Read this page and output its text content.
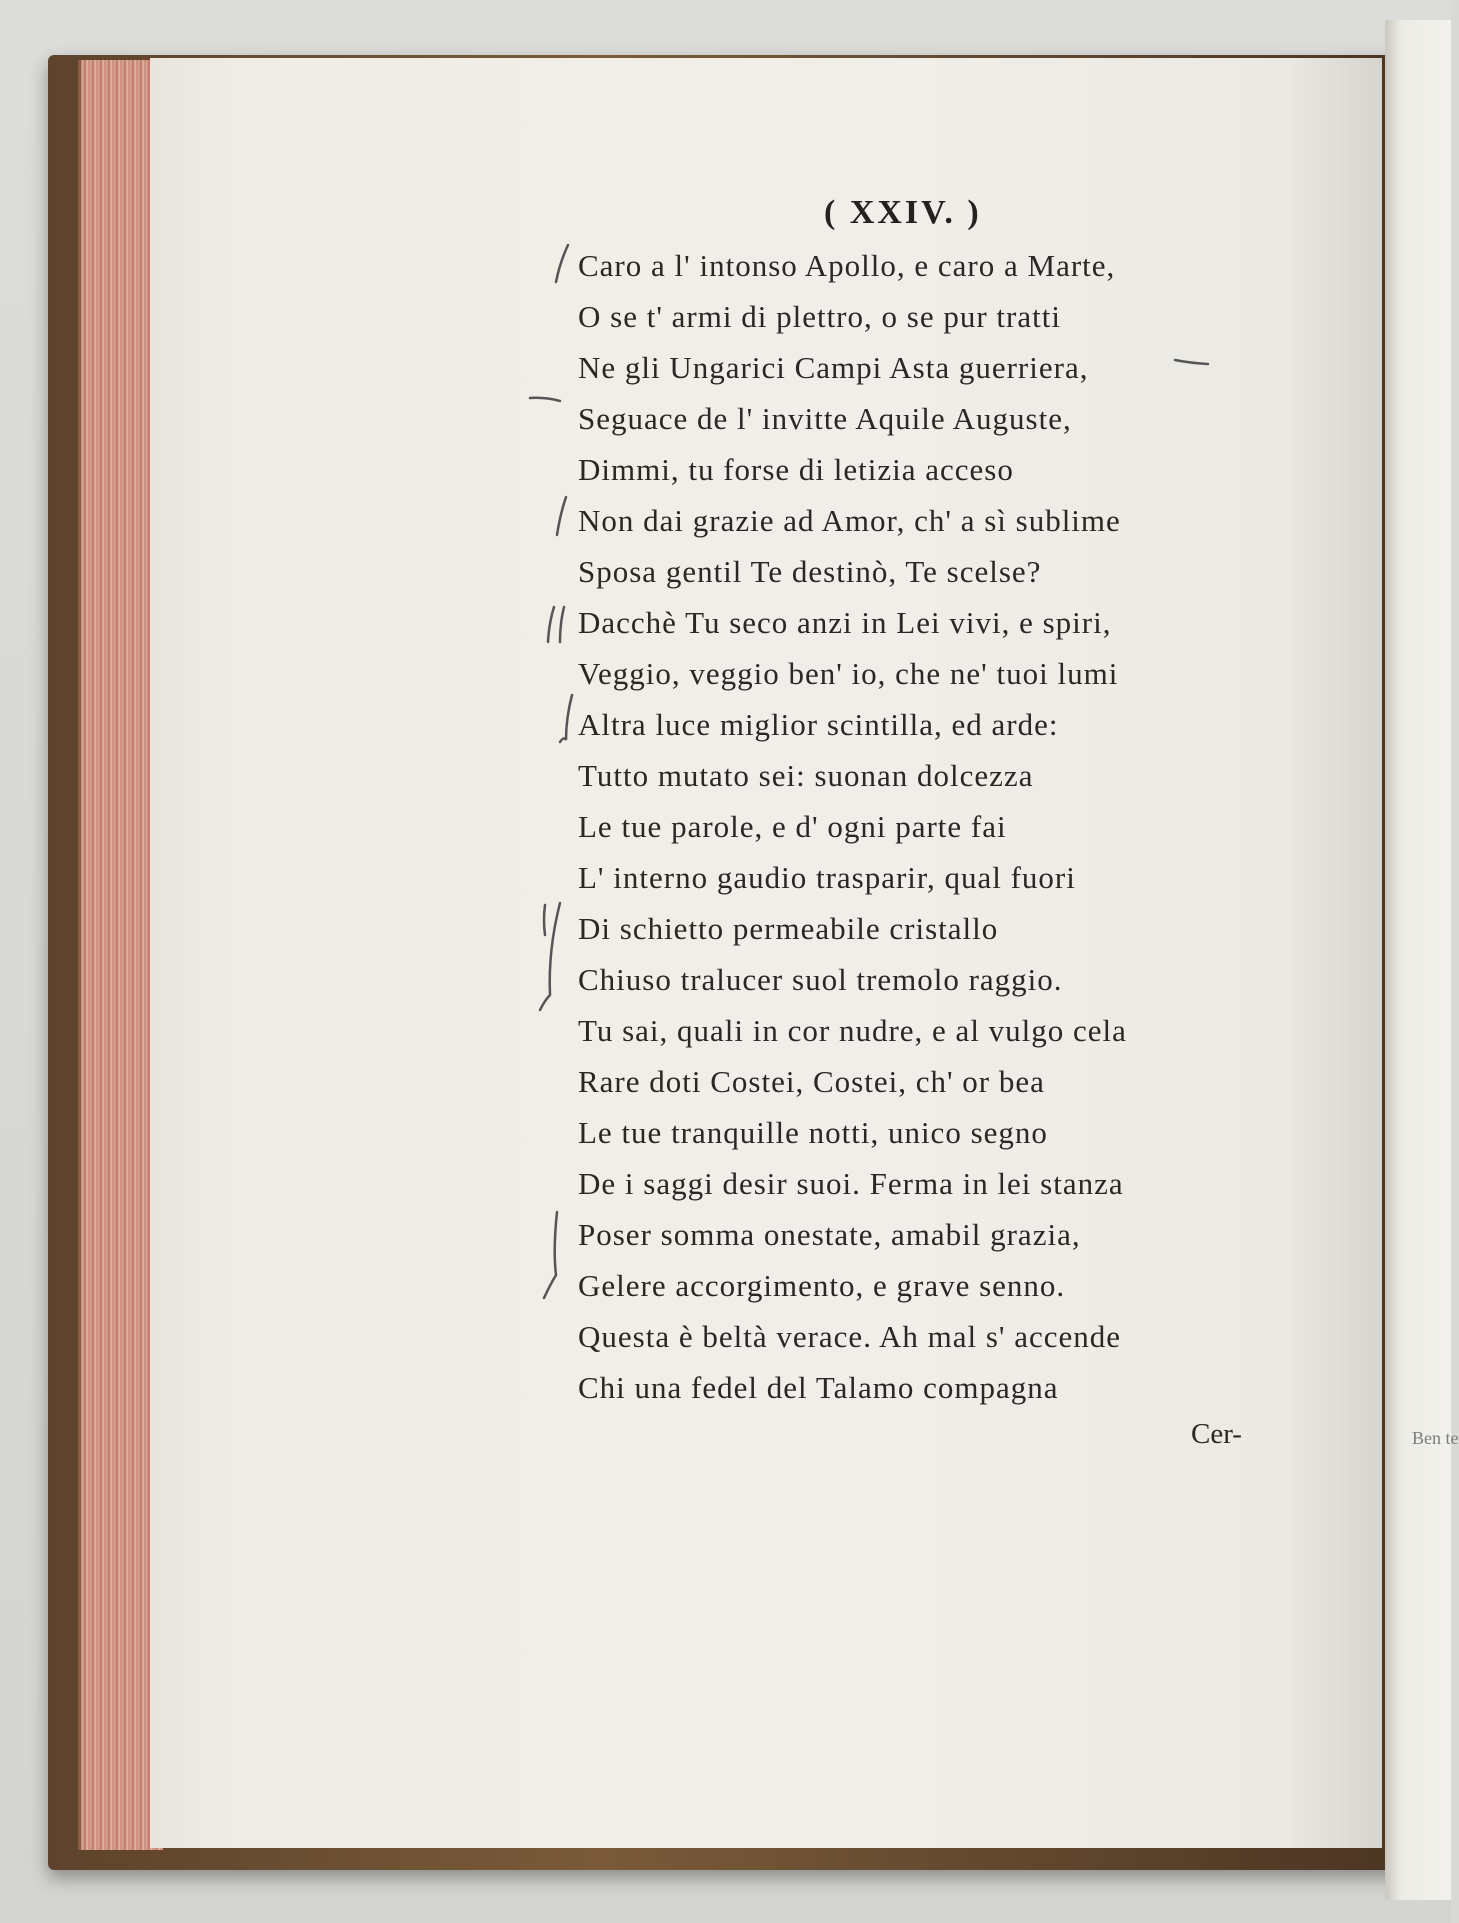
Ben te

( XXIV. )
Caro a l' intonso Apollo, e caro a Marte,
O se t' armi di plettro, o se pur tratti
Ne gli Ungarici Campi Asta guerriera,
Seguace de l' invitte Aquile Auguste,
Dimmi, tu forse di letizia acceso
Non dai grazie ad Amor, ch' a sì sublime
Sposa gentil Te destinò, Te scelse?
Dacchè Tu seco anzi in Lei vivi, e spiri,
Veggio, veggio ben' io, che ne' tuoi lumi
Altra luce miglior scintilla, ed arde:
Tutto mutato sei: suonan dolcezza
Le tue parole, e d' ogni parte fai
L' interno gaudio trasparir, qual fuori
Di schietto permeabile cristallo
Chiuso tralucer suol tremolo raggio.
Tu sai, quali in cor nudre, e al vulgo cela
Rare doti Costei, Costei, ch' or bea
Le tue tranquille notti, unico segno
De i saggi desir suoi. Ferma in lei stanza
Poser somma onestate, amabil grazia,
Gelere accorgimento, e grave senno.
Questa è beltà verace. Ah mal s' accende
Chi una fedel del Talamo compagna
Cer-
